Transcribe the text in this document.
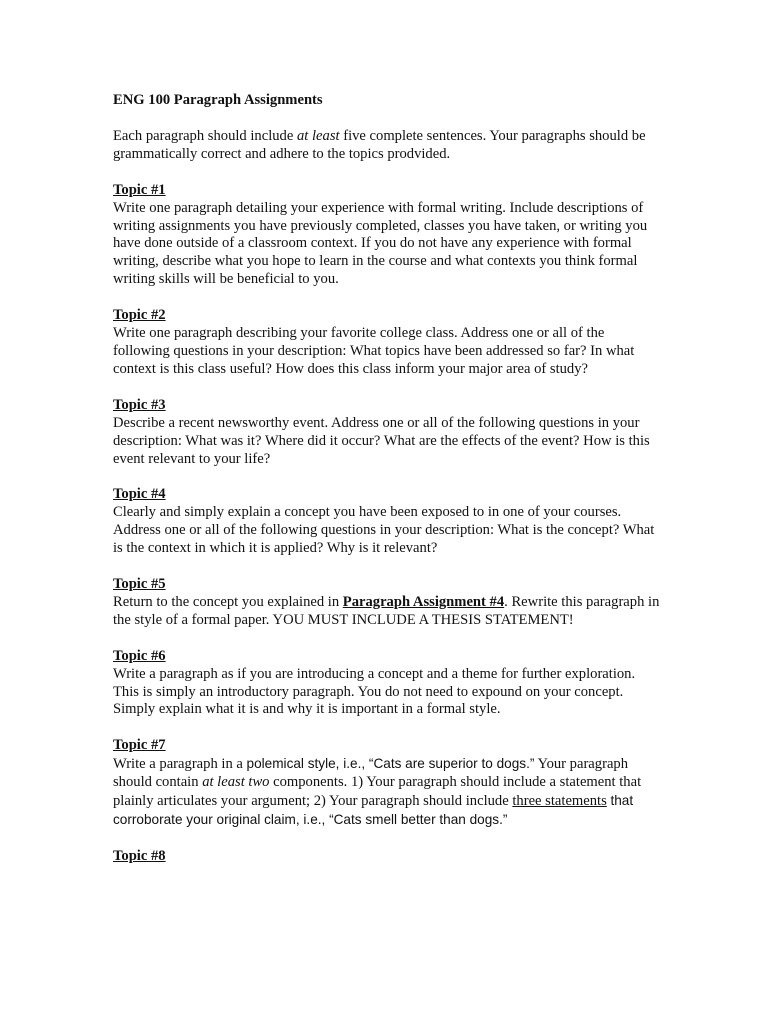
ENG 100 Paragraph Assignments
Each paragraph should include at least five complete sentences. Your paragraphs should be grammatically correct and adhere to the topics prodvided.
Topic #1
Write one paragraph detailing your experience with formal writing. Include descriptions of writing assignments you have previously completed, classes you have taken, or writing you have done outside of a classroom context. If you do not have any experience with formal writing, describe what you hope to learn in the course and what contexts you think formal writing skills will be beneficial to you.
Topic #2
Write one paragraph describing your favorite college class. Address one or all of the following questions in your description: What topics have been addressed so far? In what context is this class useful? How does this class inform your major area of study?
Topic #3
Describe a recent newsworthy event. Address one or all of the following questions in your description: What was it? Where did it occur? What are the effects of the event? How is this event relevant to your life?
Topic #4
Clearly and simply explain a concept you have been exposed to in one of your courses. Address one or all of the following questions in your description: What is the concept? What is the context in which it is applied? Why is it relevant?
Topic #5
Return to the concept you explained in Paragraph Assignment #4. Rewrite this paragraph in the style of a formal paper. YOU MUST INCLUDE A THESIS STATEMENT!
Topic #6
Write a paragraph as if you are introducing a concept and a theme for further exploration. This is simply an introductory paragraph. You do not need to expound on your concept. Simply explain what it is and why it is important in a formal style.
Topic #7
Write a paragraph in a polemical style, i.e., “Cats are superior to dogs.” Your paragraph should contain at least two components. 1) Your paragraph should include a statement that plainly articulates your argument; 2) Your paragraph should include three statements that corroborate your original claim, i.e., “Cats smell better than dogs.”
Topic #8
